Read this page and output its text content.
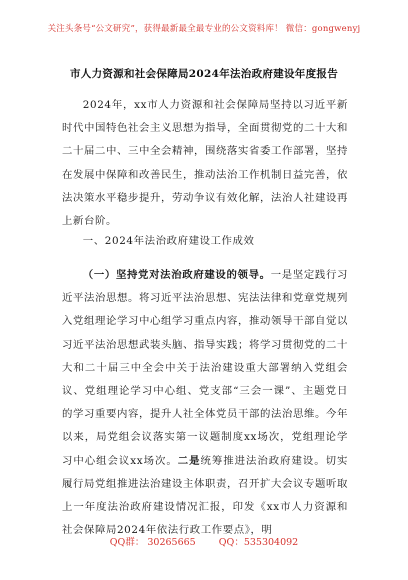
关注头条号“公文研究”，获得最新最全最专业的公文资料库！ 微信：gongwenyj
市人力资源和社会保障局2024年法治政府建设年度报告

2024年，xx市人力资源和社会保障局坚持以习近平新时代中国特色社会主义思想为指导，全面贯彻党的二十大和二十届二中、三中全会精神，围绕落实省委工作部署，坚持在发展中保障和改善民生，推动法治工作机制日益完善，依法决策水平稳步提升，劳动争议有效化解，法治人社建设再上新台阶。

一、2024年法治政府建设工作成效

（一）坚持党对法治政府建设的领导。一是坚定践行习近平法治思想。将习近平法治思想、宪法法律和党章党规列入党组理论学习中心组学习重点内容，推动领导干部自觉以习近平法治思想武装头脑、指导实践；将学习贯彻党的二十大和二十届三中全会中关于法治建设重大部署纳入党组会议、党组理论学习中心组、党支部“三会一课”、主题党日的学习重要内容，提升人社全体党员干部的法治思维。今年以来，局党组会议落实第一议题制度xx场次，党组理论学习中心组会议xx场次。二是统筹推进法治政府建设。切实履行局党组推进法治建设主体职责，召开扩大会议专题听取上一年度法治政府建设情况汇报，印发《xx市人力资源和社会保障局2024年依法行政工作要点》，明

QQ群： 30265665 QQ：535304092
